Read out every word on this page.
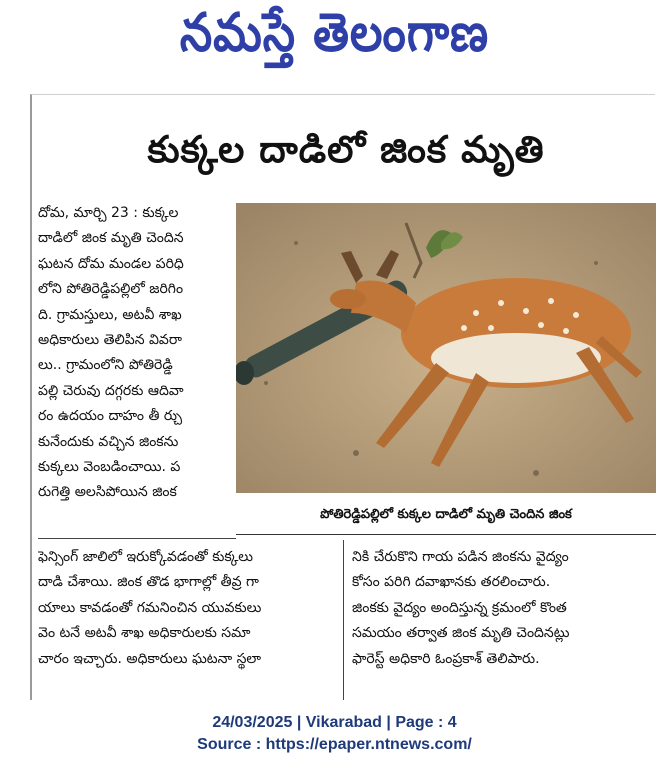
నమస్తే తెలంగాణ
కుక్కల దాడిలో జింక మృతి
దోమ, మార్చి 23 : కుక్కల
దాడిలో జింక మృతి చెందిన
ఘటన దోమ మండల పరిధి
లోని పోతిరెడ్డిపల్లిలో జరిగిం
ది. గ్రామస్తులు, అటవీ శాఖ
అధికారులు తెలిపిన వివరా
లు.. గ్రామంలోని పోతిరెడ్డి
పల్లి చెరువు దగ్గరకు ఆదివా
రం ఉదయం దాహం తీ ర్చు
కునేందుకు వచ్చిన జింకను
కుక్కలు వెంబడించాయి. ప
రుగెత్తి అలసిపోయిన జింక
పోతిరెడ్డిపల్లిలో కుక్కల దాడిలో మృతి చెందిన జింక
ఫెన్సింగ్ జాలిలో ఇరుక్కోవడంతో కుక్కలు
దాడి చేశాయి. జింక తొడ భాగాల్లో తీవ్ర గా
యాలు కావడంతో గమనించిన యువకులు
వెం టనే అటవీ శాఖ అధికారులకు సమా
చారం ఇచ్చారు. అధికారులు ఘటనా స్థలా
నికి చేరుకొని గాయ పడిన జింకను వైద్యం
కోసం పరిగి దవాఖానకు తరలించారు.
జింకకు వైద్యం అందిస్తున్న క్రమంలో కొంత
సమయం తర్వాత జింక మృతి చెందినట్లు
ఫారెస్ట్ అధికారి ఓంప్రకాశ్ తెలిపారు.
24/03/2025 | Vikarabad | Page : 4
Source : https://epaper.ntnews.com/
